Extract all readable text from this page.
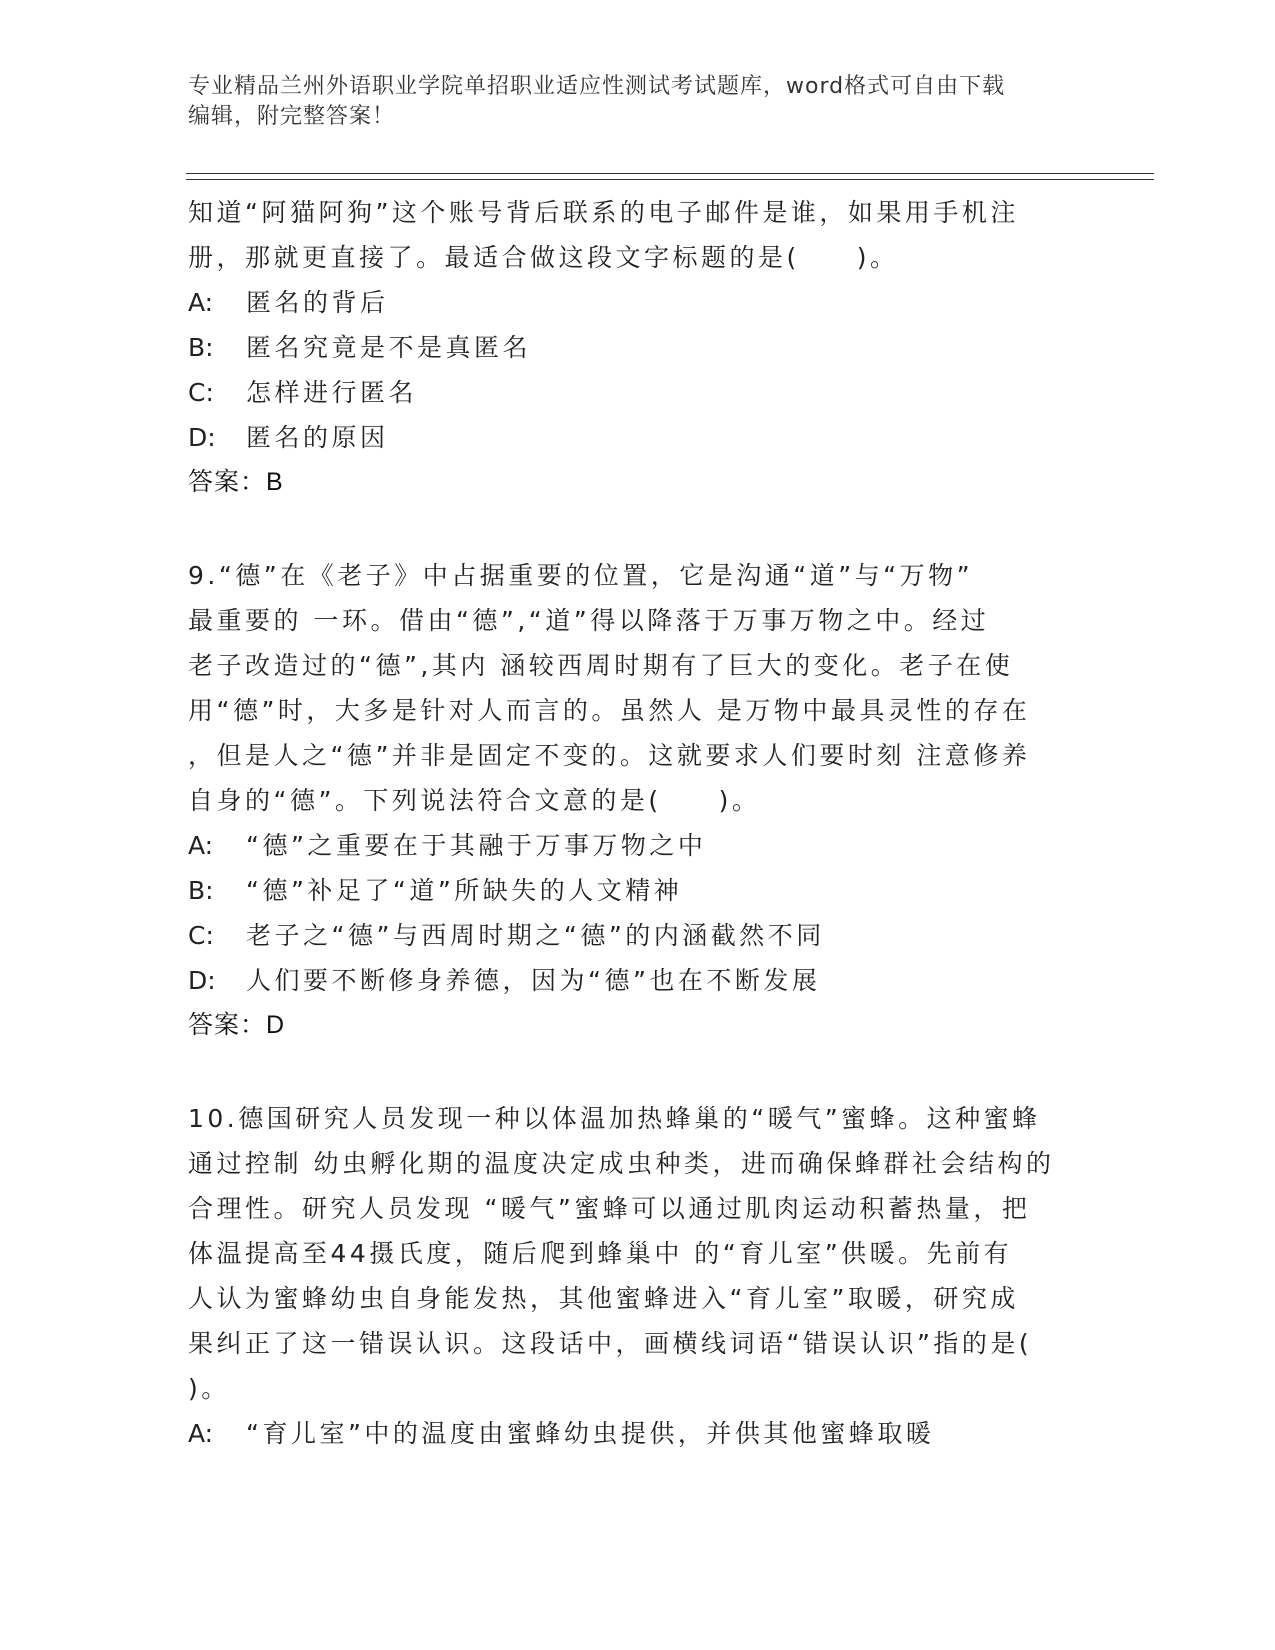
专业精品兰州外语职业学院单招职业适应性测试考试题库，word格式可自由下载
编辑，附完整答案！
知道“阿猫阿狗”这个账号背后联系的电子邮件是谁，如果用手机注
册，那就更直接了。最适合做这段文字标题的是(　　)。
A: 匿名的背后
B: 匿名究竟是不是真匿名
C: 怎样进行匿名
D: 匿名的原因
答案：B
9.“德”在《老子》中占据重要的位置，它是沟通“道”与“万物”
最重要的 一环。借由“德”,“道”得以降落于万事万物之中。经过
老子改造过的“德”,其内 涵较西周时期有了巨大的变化。老子在使
用“德”时，大多是针对人而言的。虽然人 是万物中最具灵性的存在
，但是人之“德”并非是固定不变的。这就要求人们要时刻 注意修养
自身的“德”。下列说法符合文意的是(　　)。
A: “德”之重要在于其融于万事万物之中
B: “德”补足了“道”所缺失的人文精神
C: 老子之“德”与西周时期之“德”的内涵截然不同
D: 人们要不断修身养德，因为“德”也在不断发展
答案：D
10.德国研究人员发现一种以体温加热蜂巢的“暖气”蜜蜂。这种蜜蜂
通过控制 幼虫孵化期的温度决定成虫种类，进而确保蜂群社会结构的
合理性。研究人员发现 “暖气”蜜蜂可以通过肌肉运动积蓄热量，把
体温提高至44摄氏度，随后爬到蜂巢中 的“育儿室”供暖。先前有
人认为蜜蜂幼虫自身能发热，其他蜜蜂进入“育儿室”取暖，研究成
果纠正了这一错误认识。这段话中，画横线词语“错误认识”指的是(
)。
A: “育儿室”中的温度由蜜蜂幼虫提供，并供其他蜜蜂取暖
